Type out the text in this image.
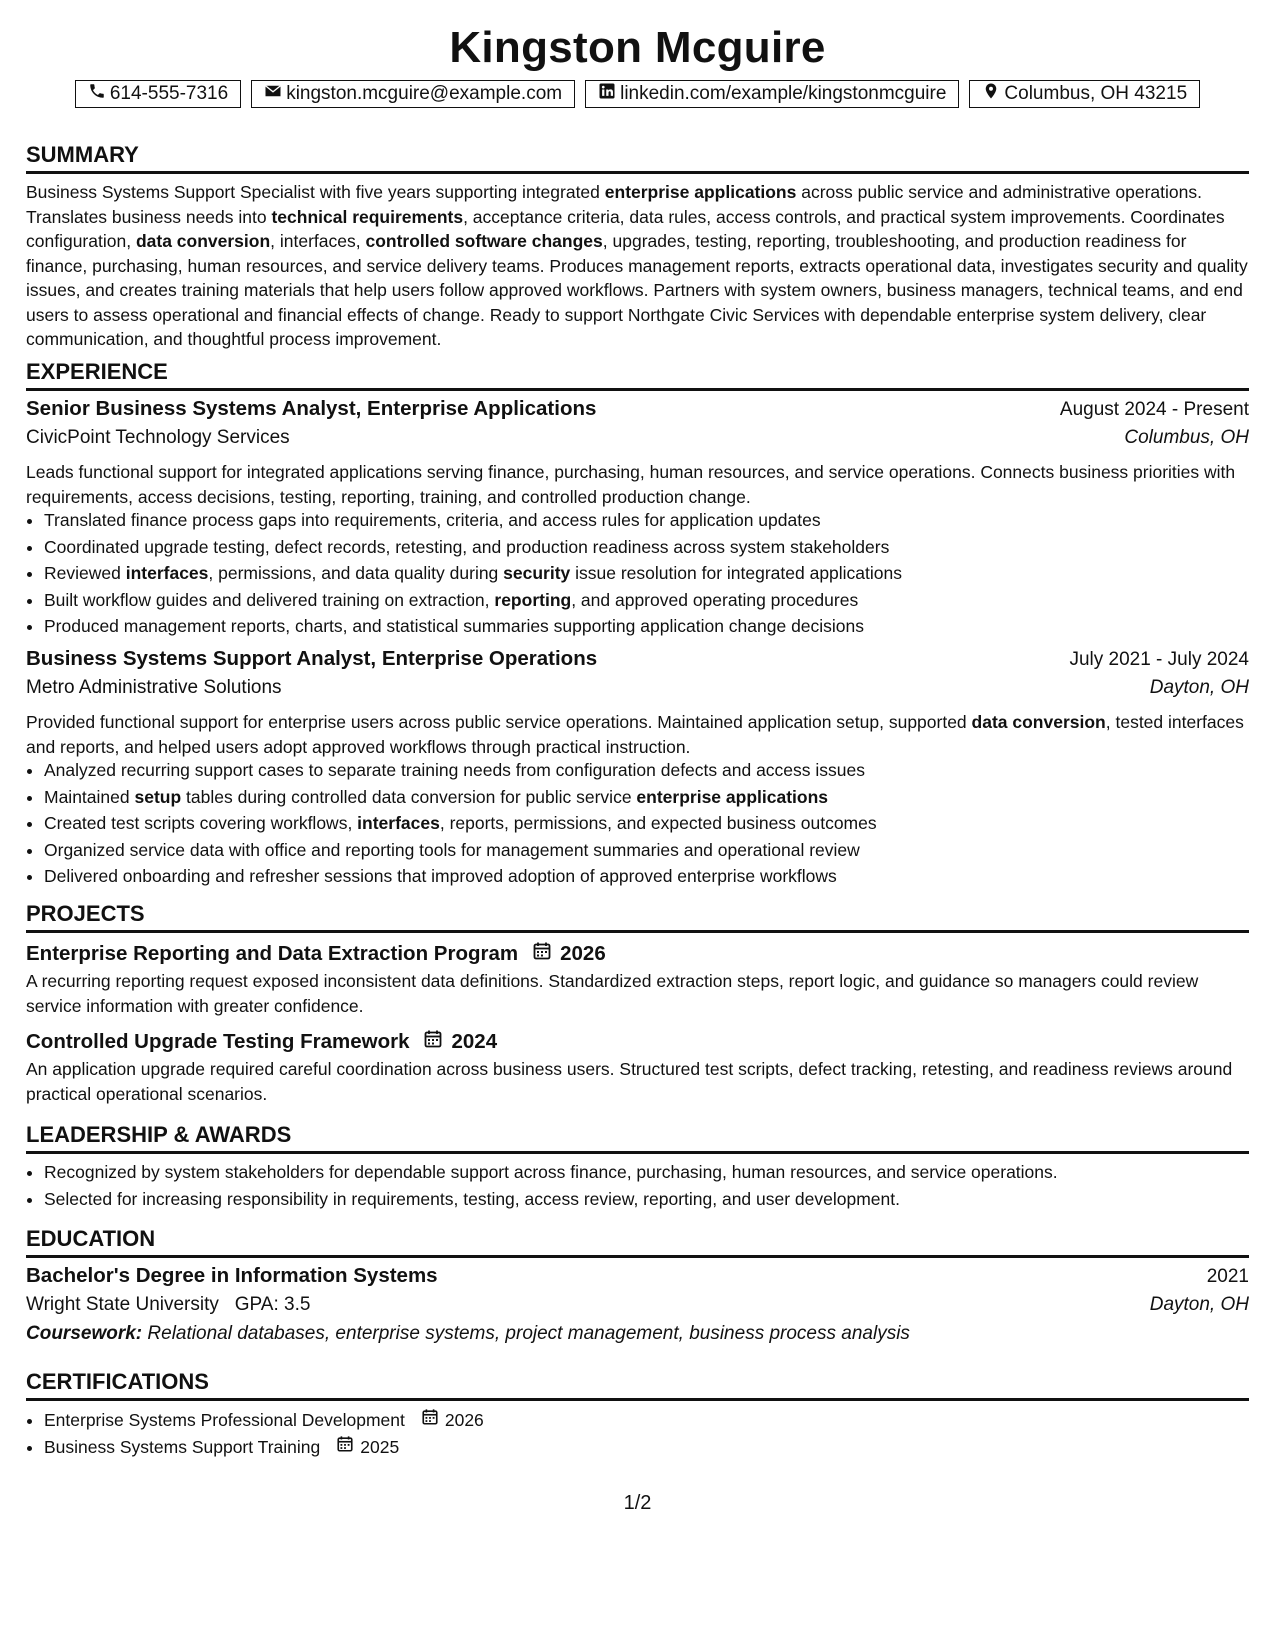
Kingston Mcguire
614-555-7316	kingston.mcguire@example.com	linkedin.com/example/kingstonmcguire	Columbus, OH 43215
SUMMARY
Business Systems Support Specialist with five years supporting integrated enterprise applications across public service and administrative operations. Translates business needs into technical requirements, acceptance criteria, data rules, access controls, and practical system improvements. Coordinates configuration, data conversion, interfaces, controlled software changes, upgrades, testing, reporting, troubleshooting, and production readiness for finance, purchasing, human resources, and service delivery teams. Produces management reports, extracts operational data, investigates security and quality issues, and creates training materials that help users follow approved workflows. Partners with system owners, business managers, technical teams, and end users to assess operational and financial effects of change. Ready to support Northgate Civic Services with dependable enterprise system delivery, clear communication, and thoughtful process improvement.
EXPERIENCE
Senior Business Systems Analyst, Enterprise Applications	August 2024 - Present
CivicPoint Technology Services	Columbus, OH
Leads functional support for integrated applications serving finance, purchasing, human resources, and service operations. Connects business priorities with requirements, access decisions, testing, reporting, training, and controlled production change.
• Translated finance process gaps into requirements, criteria, and access rules for application updates
• Coordinated upgrade testing, defect records, retesting, and production readiness across system stakeholders
• Reviewed interfaces, permissions, and data quality during security issue resolution for integrated applications
• Built workflow guides and delivered training on extraction, reporting, and approved operating procedures
• Produced management reports, charts, and statistical summaries supporting application change decisions
Business Systems Support Analyst, Enterprise Operations	July 2021 - July 2024
Metro Administrative Solutions	Dayton, OH
Provided functional support for enterprise users across public service operations. Maintained application setup, supported data conversion, tested interfaces and reports, and helped users adopt approved workflows through practical instruction.
• Analyzed recurring support cases to separate training needs from configuration defects and access issues
• Maintained setup tables during controlled data conversion for public service enterprise applications
• Created test scripts covering workflows, interfaces, reports, permissions, and expected business outcomes
• Organized service data with office and reporting tools for management summaries and operational review
• Delivered onboarding and refresher sessions that improved adoption of approved enterprise workflows
PROJECTS
Enterprise Reporting and Data Extraction Program 2026
A recurring reporting request exposed inconsistent data definitions. Standardized extraction steps, report logic, and guidance so managers could review service information with greater confidence.
Controlled Upgrade Testing Framework 2024
An application upgrade required careful coordination across business users. Structured test scripts, defect tracking, retesting, and readiness reviews around practical operational scenarios.
LEADERSHIP & AWARDS
• Recognized by system stakeholders for dependable support across finance, purchasing, human resources, and service operations.
• Selected for increasing responsibility in requirements, testing, access review, reporting, and user development.
EDUCATION
Bachelor's Degree in Information Systems	2021
Wright State University GPA: 3.5	Dayton, OH
Coursework: Relational databases, enterprise systems, project management, business process analysis
CERTIFICATIONS
• Enterprise Systems Professional Development 2026
• Business Systems Support Training 2025
1/2
